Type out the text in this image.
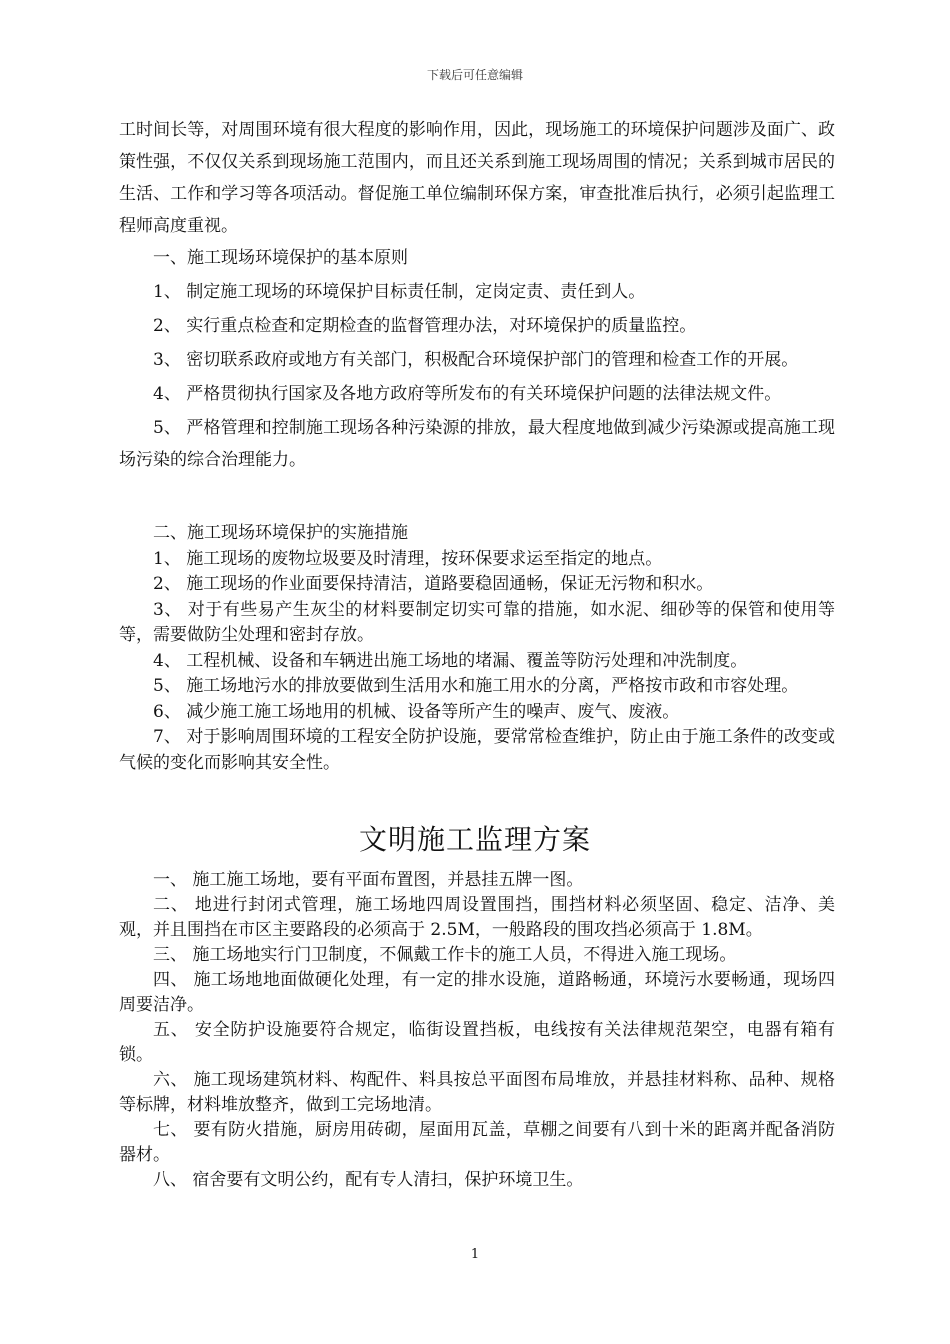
下载后可任意编辑

工时间长等，对周围环境有很大程度的影响作用，因此，现场施工的环境保护问题涉及面广、政策性强，不仅仅关系到现场施工范围内，而且还关系到施工现场周围的情况；关系到城市居民的生活、工作和学习等各项活动。督促施工单位编制环保方案，审查批准后执行，必须引起监理工程师高度重视。

一、施工现场环境保护的基本原则

1、 制定施工现场的环境保护目标责任制，定岗定责、责任到人。

2、 实行重点检查和定期检查的监督管理办法，对环境保护的质量监控。

3、 密切联系政府或地方有关部门，积极配合环境保护部门的管理和检查工作的开展。

4、 严格贯彻执行国家及各地方政府等所发布的有关环境保护问题的法律法规文件。

5、 严格管理和控制施工现场各种污染源的排放，最大程度地做到减少污染源或提高施工现场污染的综合治理能力。

二、施工现场环境保护的实施措施

1、 施工现场的废物垃圾要及时清理，按环保要求运至指定的地点。

2、 施工现场的作业面要保持清洁，道路要稳固通畅，保证无污物和积水。

3、 对于有些易产生灰尘的材料要制定切实可靠的措施，如水泥、细砂等的保管和使用等等，需要做防尘处理和密封存放。

4、 工程机械、设备和车辆进出施工场地的堵漏、覆盖等防污处理和冲洗制度。

5、 施工场地污水的排放要做到生活用水和施工用水的分离，严格按市政和市容处理。

6、 减少施工施工场地用的机械、设备等所产生的噪声、废气、废液。

7、 对于影响周围环境的工程安全防护设施，要常常检查维护，防止由于施工条件的改变或气候的变化而影响其安全性。

文明施工监理方案

一、 施工施工场地，要有平面布置图，并悬挂五牌一图。

二、 地进行封闭式管理，施工场地四周设置围挡，围挡材料必须坚固、稳定、洁净、美观，并且围挡在市区主要路段的必须高于 2.5M，一般路段的围攻挡必须高于 1.8M。

三、 施工场地实行门卫制度，不佩戴工作卡的施工人员，不得进入施工现场。

四、 施工场地地面做硬化处理，有一定的排水设施，道路畅通，环境污水要畅通，现场四周要洁净。

五、 安全防护设施要符合规定，临街设置挡板，电线按有关法律规范架空，电器有箱有锁。

六、 施工现场建筑材料、构配件、料具按总平面图布局堆放，并悬挂材料称、品种、规格等标牌，材料堆放整齐，做到工完场地清。

七、 要有防火措施，厨房用砖砌，屋面用瓦盖，草棚之间要有八到十米的距离并配备消防器材。

八、 宿舍要有文明公约，配有专人清扫，保护环境卫生。

1
